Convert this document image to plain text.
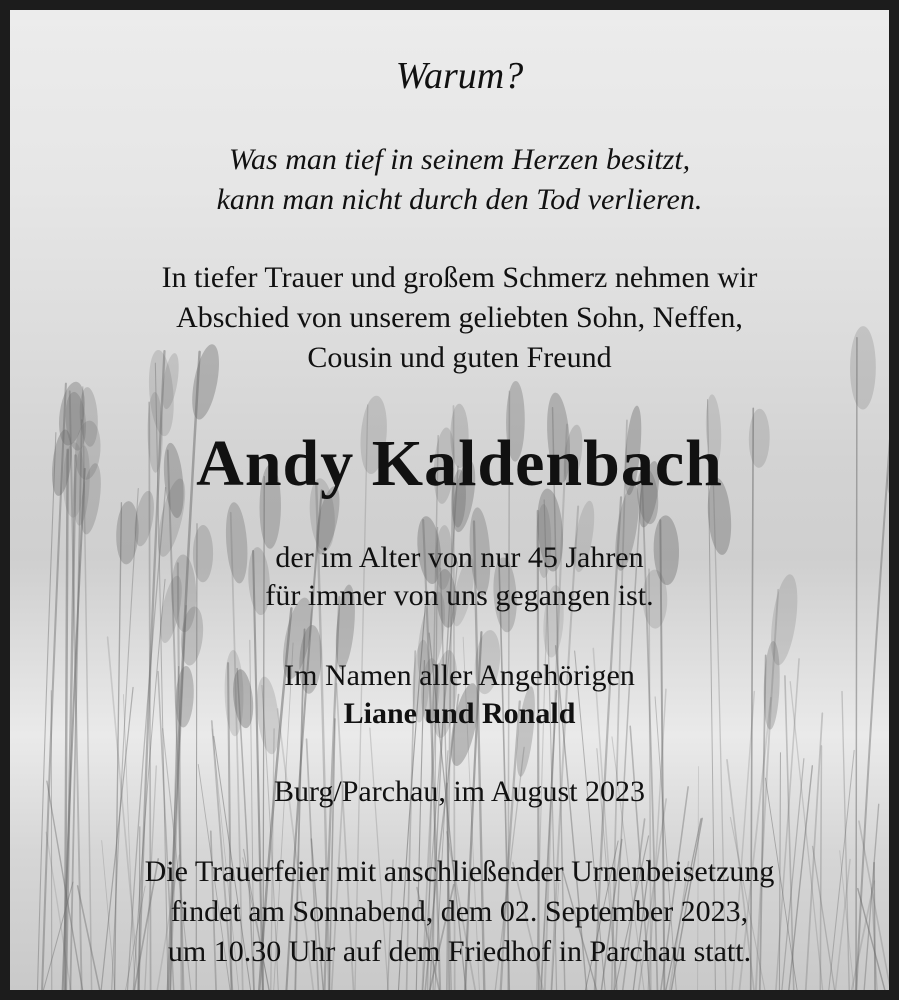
Warum?
Was man tief in seinem Herzen besitzt,
kann man nicht durch den Tod verlieren.
In tiefer Trauer und großem Schmerz nehmen wir
Abschied von unserem geliebten Sohn, Neffen,
Cousin und guten Freund
Andy Kaldenbach
der im Alter von nur 45 Jahren
für immer von uns gegangen ist.
Im Namen aller Angehörigen
Liane und Ronald
Burg/Parchau, im August 2023
Die Trauerfeier mit anschließender Urnenbeisetzung
findet am Sonnabend, dem 02. September 2023,
um 10.30 Uhr auf dem Friedhof in Parchau statt.
